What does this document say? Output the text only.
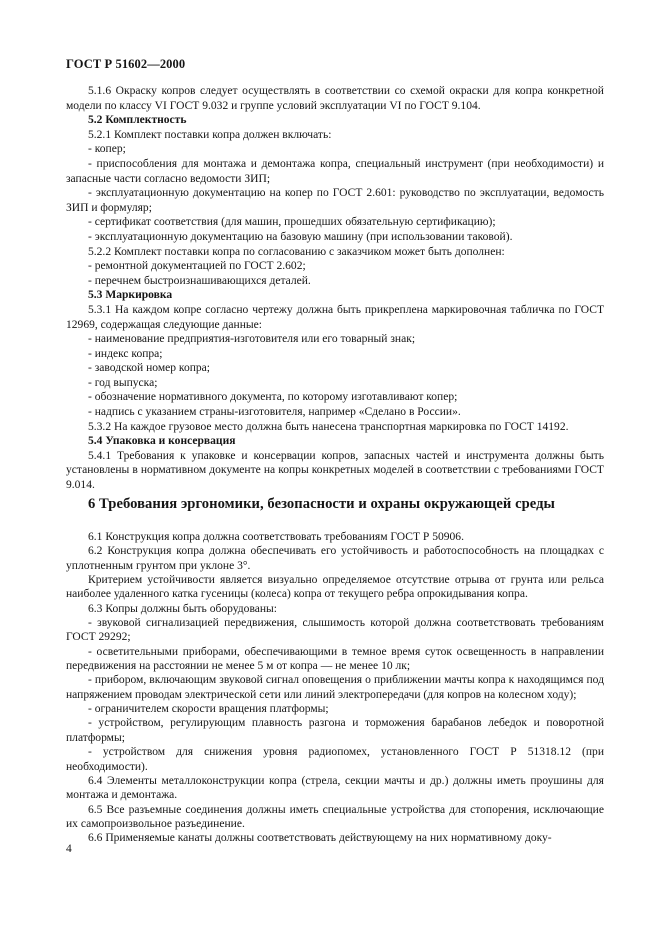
ГОСТ Р 51602—2000

5.1.6 Окраску копров следует осуществлять в соответствии со схемой окраски для копра конкретной модели по классу VI ГОСТ 9.032 и группе условий эксплуатации VI по ГОСТ 9.104.

5.2 Комплектность

5.2.1 Комплект поставки копра должен включать:

- копер;

- приспособления для монтажа и демонтажа копра, специальный инструмент (при необходимости) и запасные части согласно ведомости ЗИП;

- эксплуатационную документацию на копер по ГОСТ 2.601: руководство по эксплуатации, ведомость ЗИП и формуляр;

- сертификат соответствия (для машин, прошедших обязательную сертификацию);

- эксплуатационную документацию на базовую машину (при использовании таковой).

5.2.2 Комплект поставки копра по согласованию с заказчиком может быть дополнен:

- ремонтной документацией по ГОСТ 2.602;

- перечнем быстроизнашивающихся деталей.

5.3 Маркировка

5.3.1 На каждом копре согласно чертежу должна быть прикреплена маркировочная табличка по ГОСТ 12969, содержащая следующие данные:

- наименование предприятия-изготовителя или его товарный знак;

- индекс копра;

- заводской номер копра;

- год выпуска;

- обозначение нормативного документа, по которому изготавливают копер;

- надпись с указанием страны-изготовителя, например «Сделано в России».

5.3.2 На каждое грузовое место должна быть нанесена транспортная маркировка по ГОСТ 14192.

5.4 Упаковка и консервация

5.4.1 Требования к упаковке и консервации копров, запасных частей и инструмента должны быть установлены в нормативном документе на копры конкретных моделей в соответствии с требованиями ГОСТ 9.014.

6 Требования эргономики, безопасности и охраны окружающей среды

6.1 Конструкция копра должна соответствовать требованиям ГОСТ Р 50906.

6.2 Конструкция копра должна обеспечивать его устойчивость и работоспособность на площадках с уплотненным грунтом при уклоне 3°.

Критерием устойчивости является визуально определяемое отсутствие отрыва от грунта или рельса наиболее удаленного катка гусеницы (колеса) копра от текущего ребра опрокидывания копра.

6.3 Копры должны быть оборудованы:

- звуковой сигнализацией передвижения, слышимость которой должна соответствовать требованиям ГОСТ 29292;

- осветительными приборами, обеспечивающими в темное время суток освещенность в направлении передвижения на расстоянии не менее 5 м от копра — не менее 10 лк;

- прибором, включающим звуковой сигнал оповещения о приближении мачты копра к находящимся под напряжением проводам электрической сети или линий электропередачи (для копров на колесном ходу);

- ограничителем скорости вращения платформы;

- устройством, регулирующим плавность разгона и торможения барабанов лебедок и поворотной платформы;

- устройством для снижения уровня радиопомех, установленного ГОСТ Р 51318.12 (при необходимости).

6.4 Элементы металлоконструкции копра (стрела, секции мачты и др.) должны иметь проушины для монтажа и демонтажа.

6.5 Все разъемные соединения должны иметь специальные устройства для стопорения, исключающие их самопроизвольное разъединение.

6.6 Применяемые канаты должны соответствовать действующему на них нормативному доку-

4
